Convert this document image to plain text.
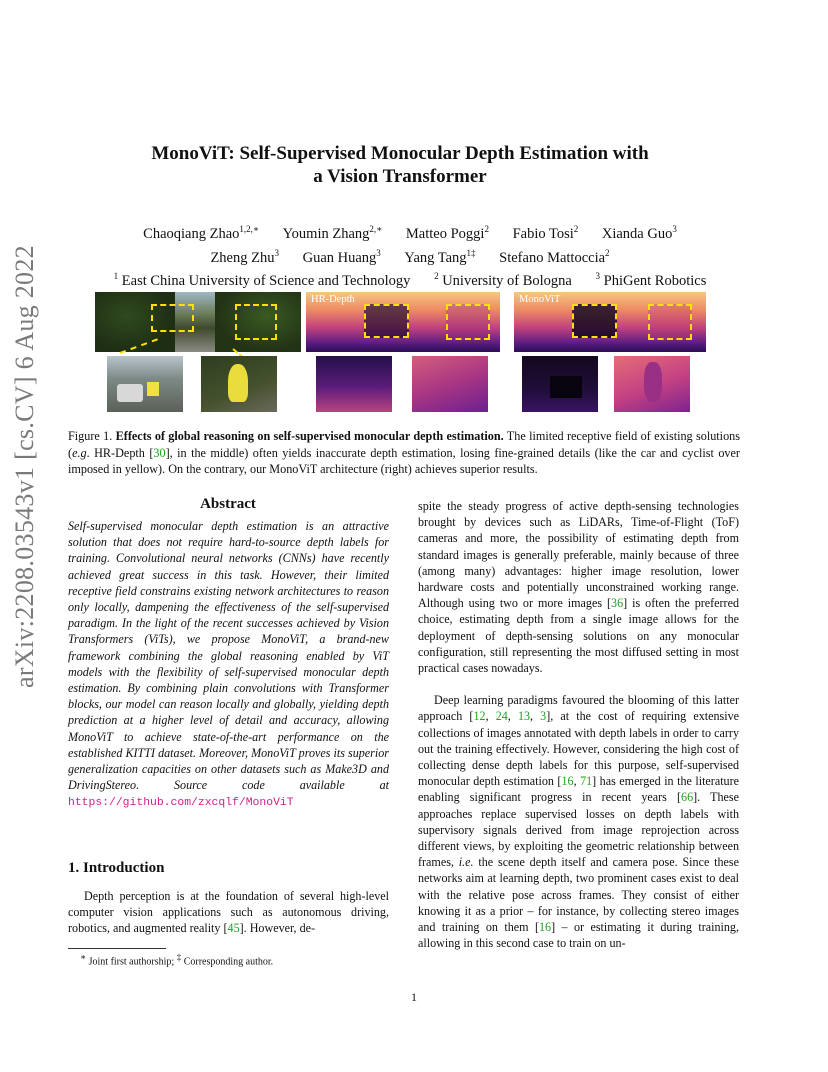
arXiv:2208.03543v1 [cs.CV] 6 Aug 2022
MonoViT: Self-Supervised Monocular Depth Estimation with
a Vision Transformer
Chaoqiang Zhao$^{1,2,∗}$ Youmin Zhang$^{2,∗}$ Matteo Poggi$^2$ Fabio Tosi$^2$ Xianda Guo$^3$
Zheng Zhu$^3$ Guan Huang$^3$ Yang Tang$^{1\ddagger}$ Stefano Mattoccia$^2$
$^1$ East China University of Science and Technology	$^2$ University of Bologna	$^3$ PhiGent Robotics
HR-Depth	MonoViT
Figure 1. Effects of global reasoning on self-supervised monocular depth estimation. The limited receptive field of existing solutions (e.g. HR-Depth [30], in the middle) often yields inaccurate depth estimation, losing fine-grained details (like the car and cyclist over imposed in yellow). On the contrary, our MonoViT architecture (right) achieves superior results.
Abstract
Self-supervised monocular depth estimation is an attractive solution that does not require hard-to-source depth labels for training. Convolutional neural networks (CNNs) have recently achieved great success in this task. However, their limited receptive field constrains existing network architectures to reason only locally, dampening the effectiveness of the self-supervised paradigm. In the light of the recent successes achieved by Vision Transformers (ViTs), we propose MonoViT, a brand-new framework combining the global reasoning enabled by ViT models with the flexibility of self-supervised monocular depth estimation. By combining plain convolutions with Transformer blocks, our model can reason locally and globally, yielding depth prediction at a higher level of detail and accuracy, allowing MonoViT to achieve state-of-the-art performance on the established KITTI dataset. Moreover, MonoViT proves its superior generalization capacities on other datasets such as Make3D and DrivingStereo. Source code available at https://github.com/zxcqlf/MonoViT
1. Introduction
Depth perception is at the foundation of several high-level computer vision applications such as autonomous driving, robotics, and augmented reality [45]. However, de-
∗ Joint first authorship; ‡ Corresponding author.

spite the steady progress of active depth-sensing technologies brought by devices such as LiDARs, Time-of-Flight (ToF) cameras and more, the possibility of estimating depth from standard images is generally preferable, mainly because of three (among many) advantages: higher image resolution, lower hardware costs and potentially unconstrained working range. Although using two or more images [36] is often the preferred choice, estimating depth from a single image allows for the deployment of depth-sensing solutions on any monocular configuration, still representing the most diffused setting in most practical cases nowadays.

Deep learning paradigms favoured the blooming of this latter approach [12, 24, 13, 3], at the cost of requiring extensive collections of images annotated with depth labels in order to carry out the training effectively. However, considering the high cost of collecting dense depth labels for this purpose, self-supervised monocular depth estimation [16, 71] has emerged in the literature enabling significant progress in recent years [66]. These approaches replace supervised losses on depth labels with supervisory signals derived from image reprojection across different views, by exploiting the geometric relationship between frames, i.e. the scene depth itself and camera pose. Since these networks aim at learning depth, two prominent cases exist to deal with the relative pose across frames. They consist of either knowing it as a prior – for instance, by collecting stereo images and training on them [16] – or estimating it during training, allowing in this second case to train on un-

1
